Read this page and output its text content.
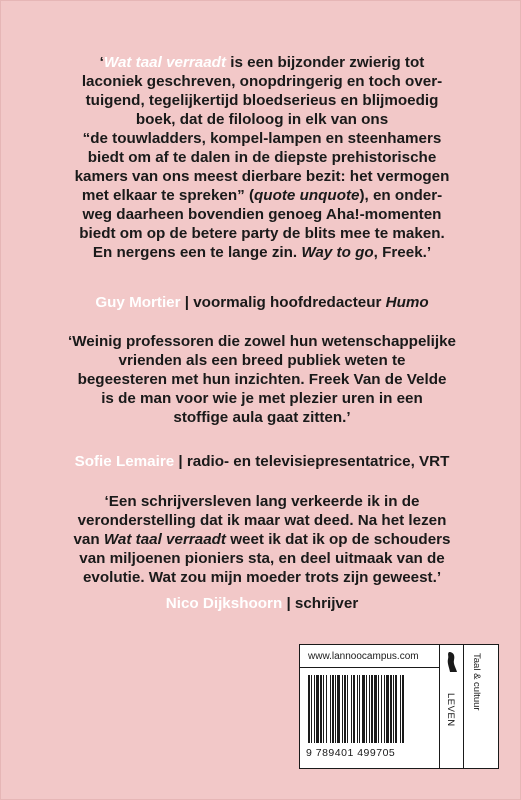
‘Wat taal verraadt is een bijzonder zwierig tot
laconiek geschreven, onopdringerig en toch over-
tuigend, tegelijkertijd bloedserieus en blijmoedig
boek, dat de filoloog in elk van ons
“de touwladders, kompel-lampen en steenhamers
biedt om af te dalen in de diepste prehistorische
kamers van ons meest dierbare bezit: het vermogen
met elkaar te spreken” (quote unquote), en onder-
weg daarheen bovendien genoeg Aha!-momenten
biedt om op de betere party de blits mee te maken.
En nergens een te lange zin. Way to go, Freek.’
Guy Mortier | voormalig hoofdredacteur Humo
‘Weinig professoren die zowel hun wetenschappelijke
vrienden als een breed publiek weten te
begeesteren met hun inzichten. Freek Van de Velde
is de man voor wie je met plezier uren in een
stoffige aula gaat zitten.’
Sofie Lemaire | radio- en televisiepresentatrice, VRT
‘Een schrijversleven lang verkeerde ik in de
veronderstelling dat ik maar wat deed. Na het lezen
van Wat taal verraadt weet ik dat ik op de schouders
van miljoenen pioniers sta, en deel uitmaak van de
evolutie. Wat zou mijn moeder trots zijn geweest.’
Nico Dijkshoorn | schrijver
www.lannoocampus.com
9 789401 499705
LEVEN Taal & cultuur
